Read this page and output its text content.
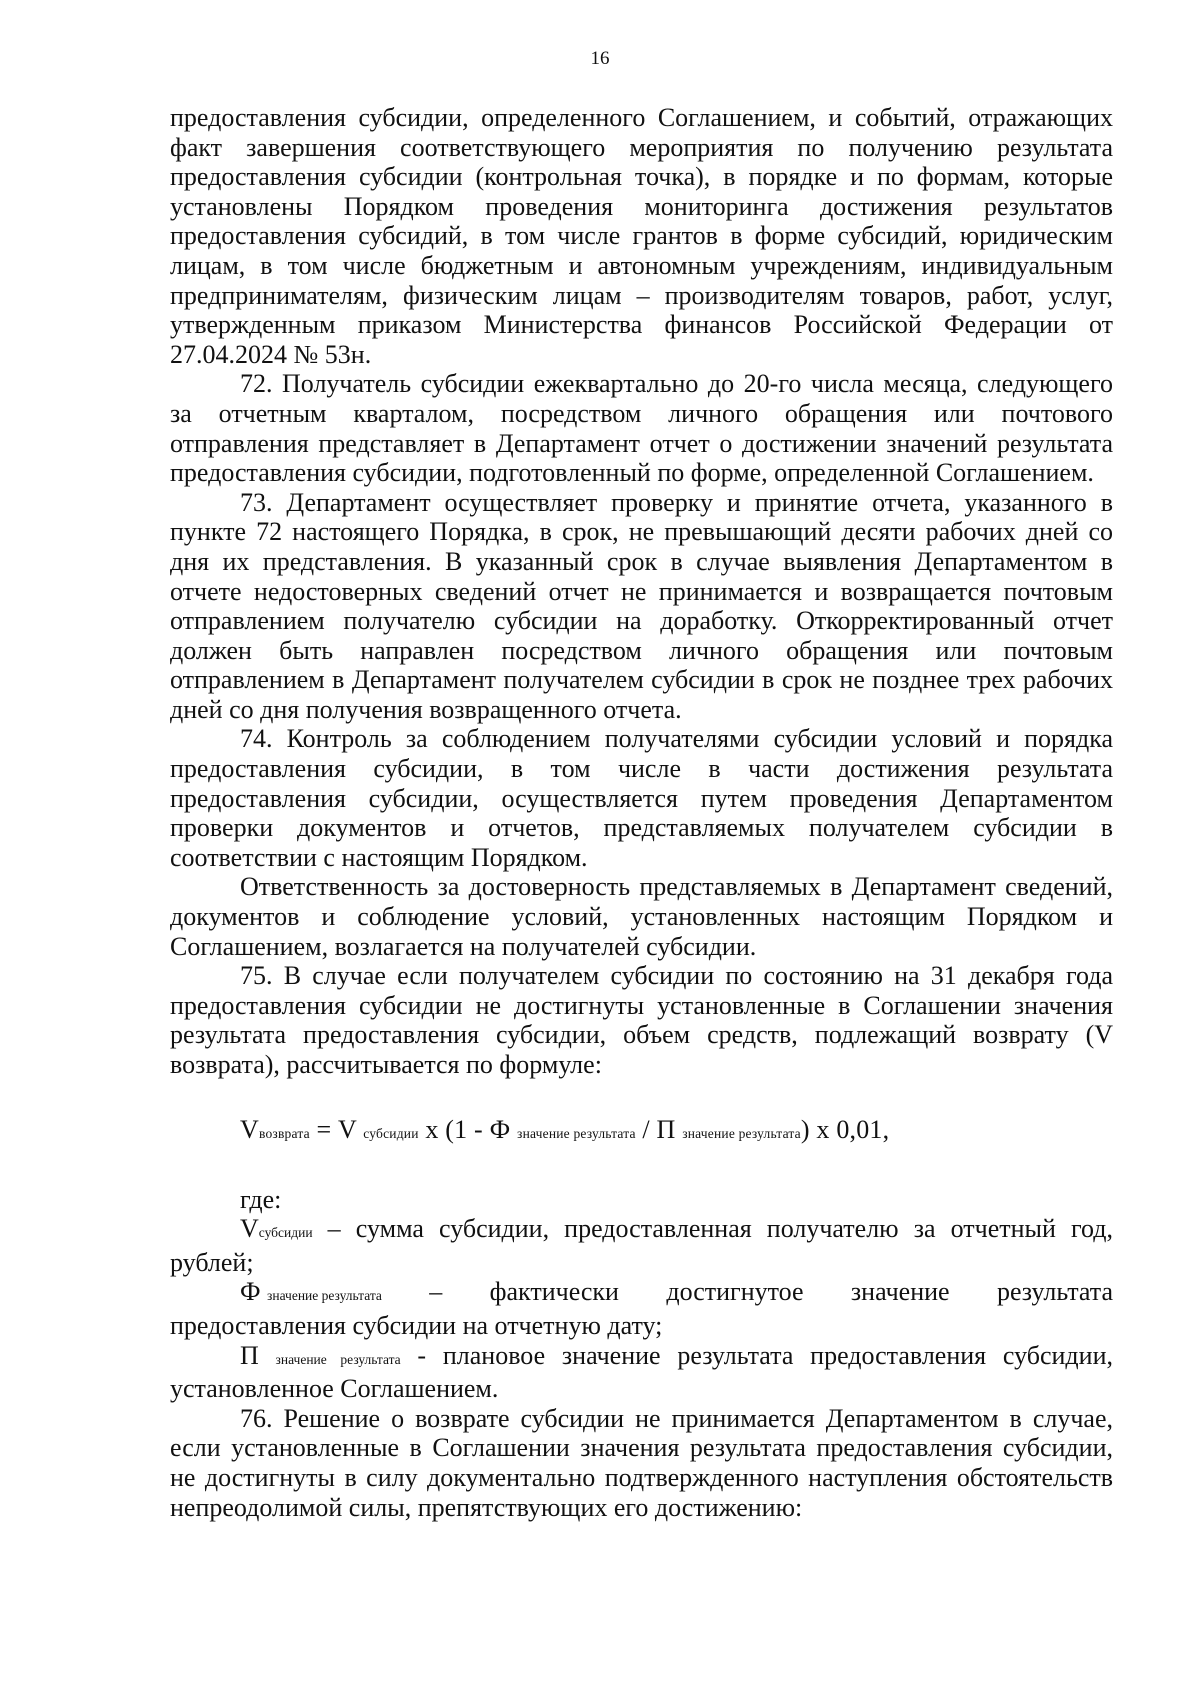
16

предоставления субсидии, определенного Соглашением, и событий, отражающих факт завершения соответствующего мероприятия по получению результата предоставления субсидии (контрольная точка), в порядке и по формам, которые установлены Порядком проведения мониторинга достижения результатов предоставления субсидий, в том числе грантов в форме субсидий, юридическим лицам, в том числе бюджетным и автономным учреждениям, индивидуальным предпринимателям, физическим лицам – производителям товаров, работ, услуг, утвержденным приказом Министерства финансов Российской Федерации от 27.04.2024 № 53н.

72. Получатель субсидии ежеквартально до 20-го числа месяца, следующего за отчетным кварталом, посредством личного обращения или почтового отправления представляет в Департамент отчет о достижении значений результата предоставления субсидии, подготовленный по форме, определенной Соглашением.

73. Департамент осуществляет проверку и принятие отчета, указанного в пункте 72 настоящего Порядка, в срок, не превышающий десяти рабочих дней со дня их представления. В указанный срок в случае выявления Департаментом в отчете недостоверных сведений отчет не принимается и возвращается почтовым отправлением получателю субсидии на доработку. Откорректированный отчет должен быть направлен посредством личного обращения или почтовым отправлением в Департамент получателем субсидии в срок не позднее трех рабочих дней со дня получения возвращенного отчета.

74. Контроль за соблюдением получателями субсидии условий и порядка предоставления субсидии, в том числе в части достижения результата предоставления субсидии, осуществляется путем проведения Департаментом проверки документов и отчетов, представляемых получателем субсидии в соответствии с настоящим Порядком.

Ответственность за достоверность представляемых в Департамент сведений, документов и соблюдение условий, установленных настоящим Порядком и Соглашением, возлагается на получателей субсидии.

75. В случае если получателем субсидии по состоянию на 31 декабря года предоставления субсидии не достигнуты установленные в Соглашении значения результата предоставления субсидии, объем средств, подлежащий возврату (V возврата), рассчитывается по формуле:

Vвозврата = V субсидии x (1 - Ф значение результата / П значение результата) x 0,01,

где:

Vсубсидии – сумма субсидии, предоставленная получателю за отчетный год, рублей;

Ф значение результата – фактически достигнутое значение результата

предоставления субсидии на отчетную дату;

П значение результата - плановое значение результата предоставления субсидии, установленное Соглашением.

76. Решение о возврате субсидии не принимается Департаментом в случае, если установленные в Соглашении значения результата предоставления субсидии, не достигнуты в силу документально подтвержденного наступления обстоятельств непреодолимой силы, препятствующих его достижению:
